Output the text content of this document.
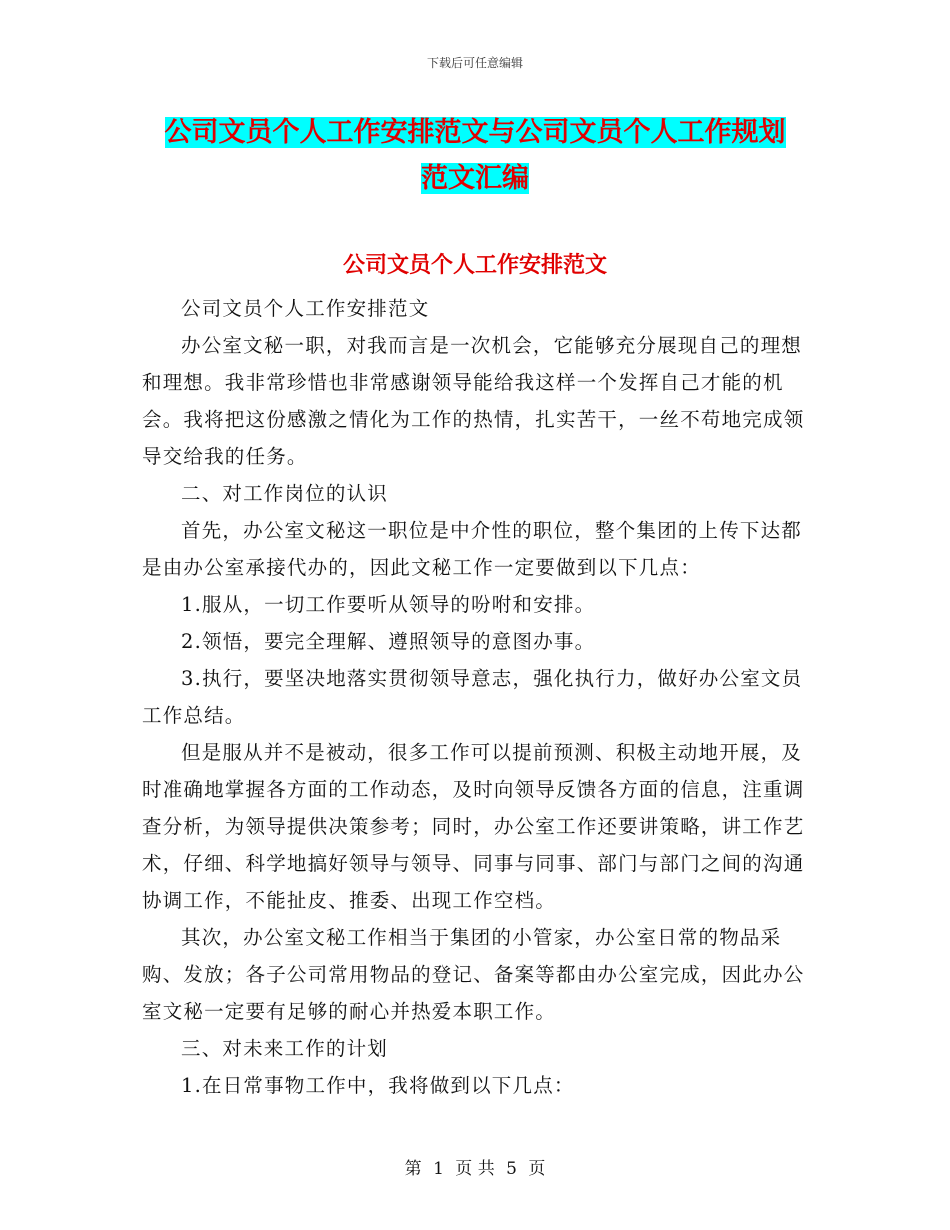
下载后可任意编辑
公司文员个人工作安排范文与公司文员个人工作规划
范文汇编
公司文员个人工作安排范文

公司文员个人工作安排范文

办公室文秘一职，对我而言是一次机会，它能够充分展现自己的理想和理想。我非常珍惜也非常感谢领导能给我这样一个发挥自己才能的机会。我将把这份感激之情化为工作的热情，扎实苦干，一丝不苟地完成领导交给我的任务。

二、对工作岗位的认识

首先，办公室文秘这一职位是中介性的职位，整个集团的上传下达都是由办公室承接代办的，因此文秘工作一定要做到以下几点：

1.服从，一切工作要听从领导的吩咐和安排。

2.领悟，要完全理解、遵照领导的意图办事。

3.执行，要坚决地落实贯彻领导意志，强化执行力，做好办公室文员工作总结。

但是服从并不是被动，很多工作可以提前预测、积极主动地开展，及时准确地掌握各方面的工作动态，及时向领导反馈各方面的信息，注重调查分析，为领导提供决策参考；同时，办公室工作还要讲策略，讲工作艺术，仔细、科学地搞好领导与领导、同事与同事、部门与部门之间的沟通协调工作，不能扯皮、推委、出现工作空档。

其次，办公室文秘工作相当于集团的小管家，办公室日常的物品采购、发放；各子公司常用物品的登记、备案等都由办公室完成，因此办公室文秘一定要有足够的耐心并热爱本职工作。

三、对未来工作的计划

1.在日常事物工作中，我将做到以下几点：

第 1 页 共 5 页
